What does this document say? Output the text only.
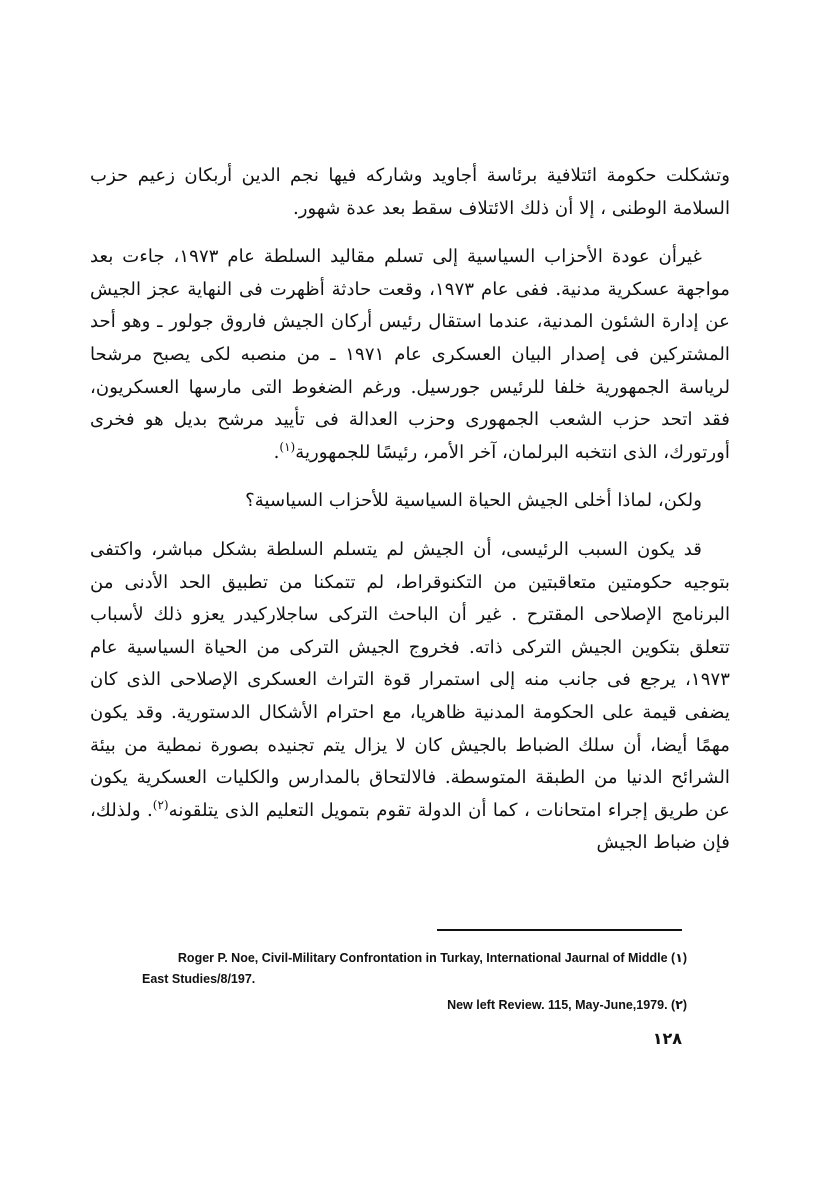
وتشكلت حكومة ائتلافية برئاسة أجاويد وشاركه فيها نجم الدين أربكان زعيم حزب السلامة الوطنى ، إلا أن ذلك الائتلاف سقط بعد عدة شهور.

غيرأن عودة الأحزاب السياسية إلى تسلم مقاليد السلطة عام ١٩٧٣، جاءت بعد مواجهة عسكرية مدنية. ففى عام ١٩٧٣، وقعت حادثة أظهرت فى النهاية عجز الجيش عن إدارة الشئون المدنية، عندما استقال رئيس أركان الجيش فاروق جولور ـ وهو أحد المشتركين فى إصدار البيان العسكرى عام ١٩٧١ ـ من منصبه لكى يصبح مرشحا لرياسة الجمهورية خلفا للرئيس جورسيل. ورغم الضغوط التى مارسها العسكريون، فقد اتحد حزب الشعب الجمهورى وحزب العدالة فى تأييد مرشح بديل هو فخرى أورتورك، الذى انتخبه البرلمان، آخر الأمر، رئيسًا للجمهورية$^{(١)}$.

ولكن، لماذا أخلى الجيش الحياة السياسية للأحزاب السياسية؟

قد يكون السبب الرئيسى، أن الجيش لم يتسلم السلطة بشكل مباشر، واكتفى بتوجيه حكومتين متعاقبتين من التكنوقراط، لم تتمكنا من تطبيق الحد الأدنى من البرنامج الإصلاحى المقترح . غير أن الباحث التركى ساجلاركيدر يعزو ذلك لأسباب تتعلق بتكوين الجيش التركى ذاته. فخروج الجيش التركى من الحياة السياسية عام ١٩٧٣، يرجع فى جانب منه إلى استمرار قوة التراث العسكرى الإصلاحى الذى كان يضفى قيمة على الحكومة المدنية ظاهريا، مع احترام الأشكال الدستورية. وقد يكون مهمًا أيضا، أن سلك الضباط بالجيش كان لا يزال يتم تجنيده بصورة نمطية من بيئة الشرائح الدنيا من الطبقة المتوسطة. فالالتحاق بالمدارس والكليات العسكرية يكون عن طريق إجراء امتحانات ، كما أن الدولة تقوم بتمويل التعليم الذى يتلقونه$^{(٢)}$. ولذلك، فإن ضباط الجيش

Roger P. Noe, Civil-Military Confrontation in Turkay, International Jaurnal of Middle (١)
East Studies/8/197.
New left Review. 115, May-June,1979. (٢)
١٢٨
